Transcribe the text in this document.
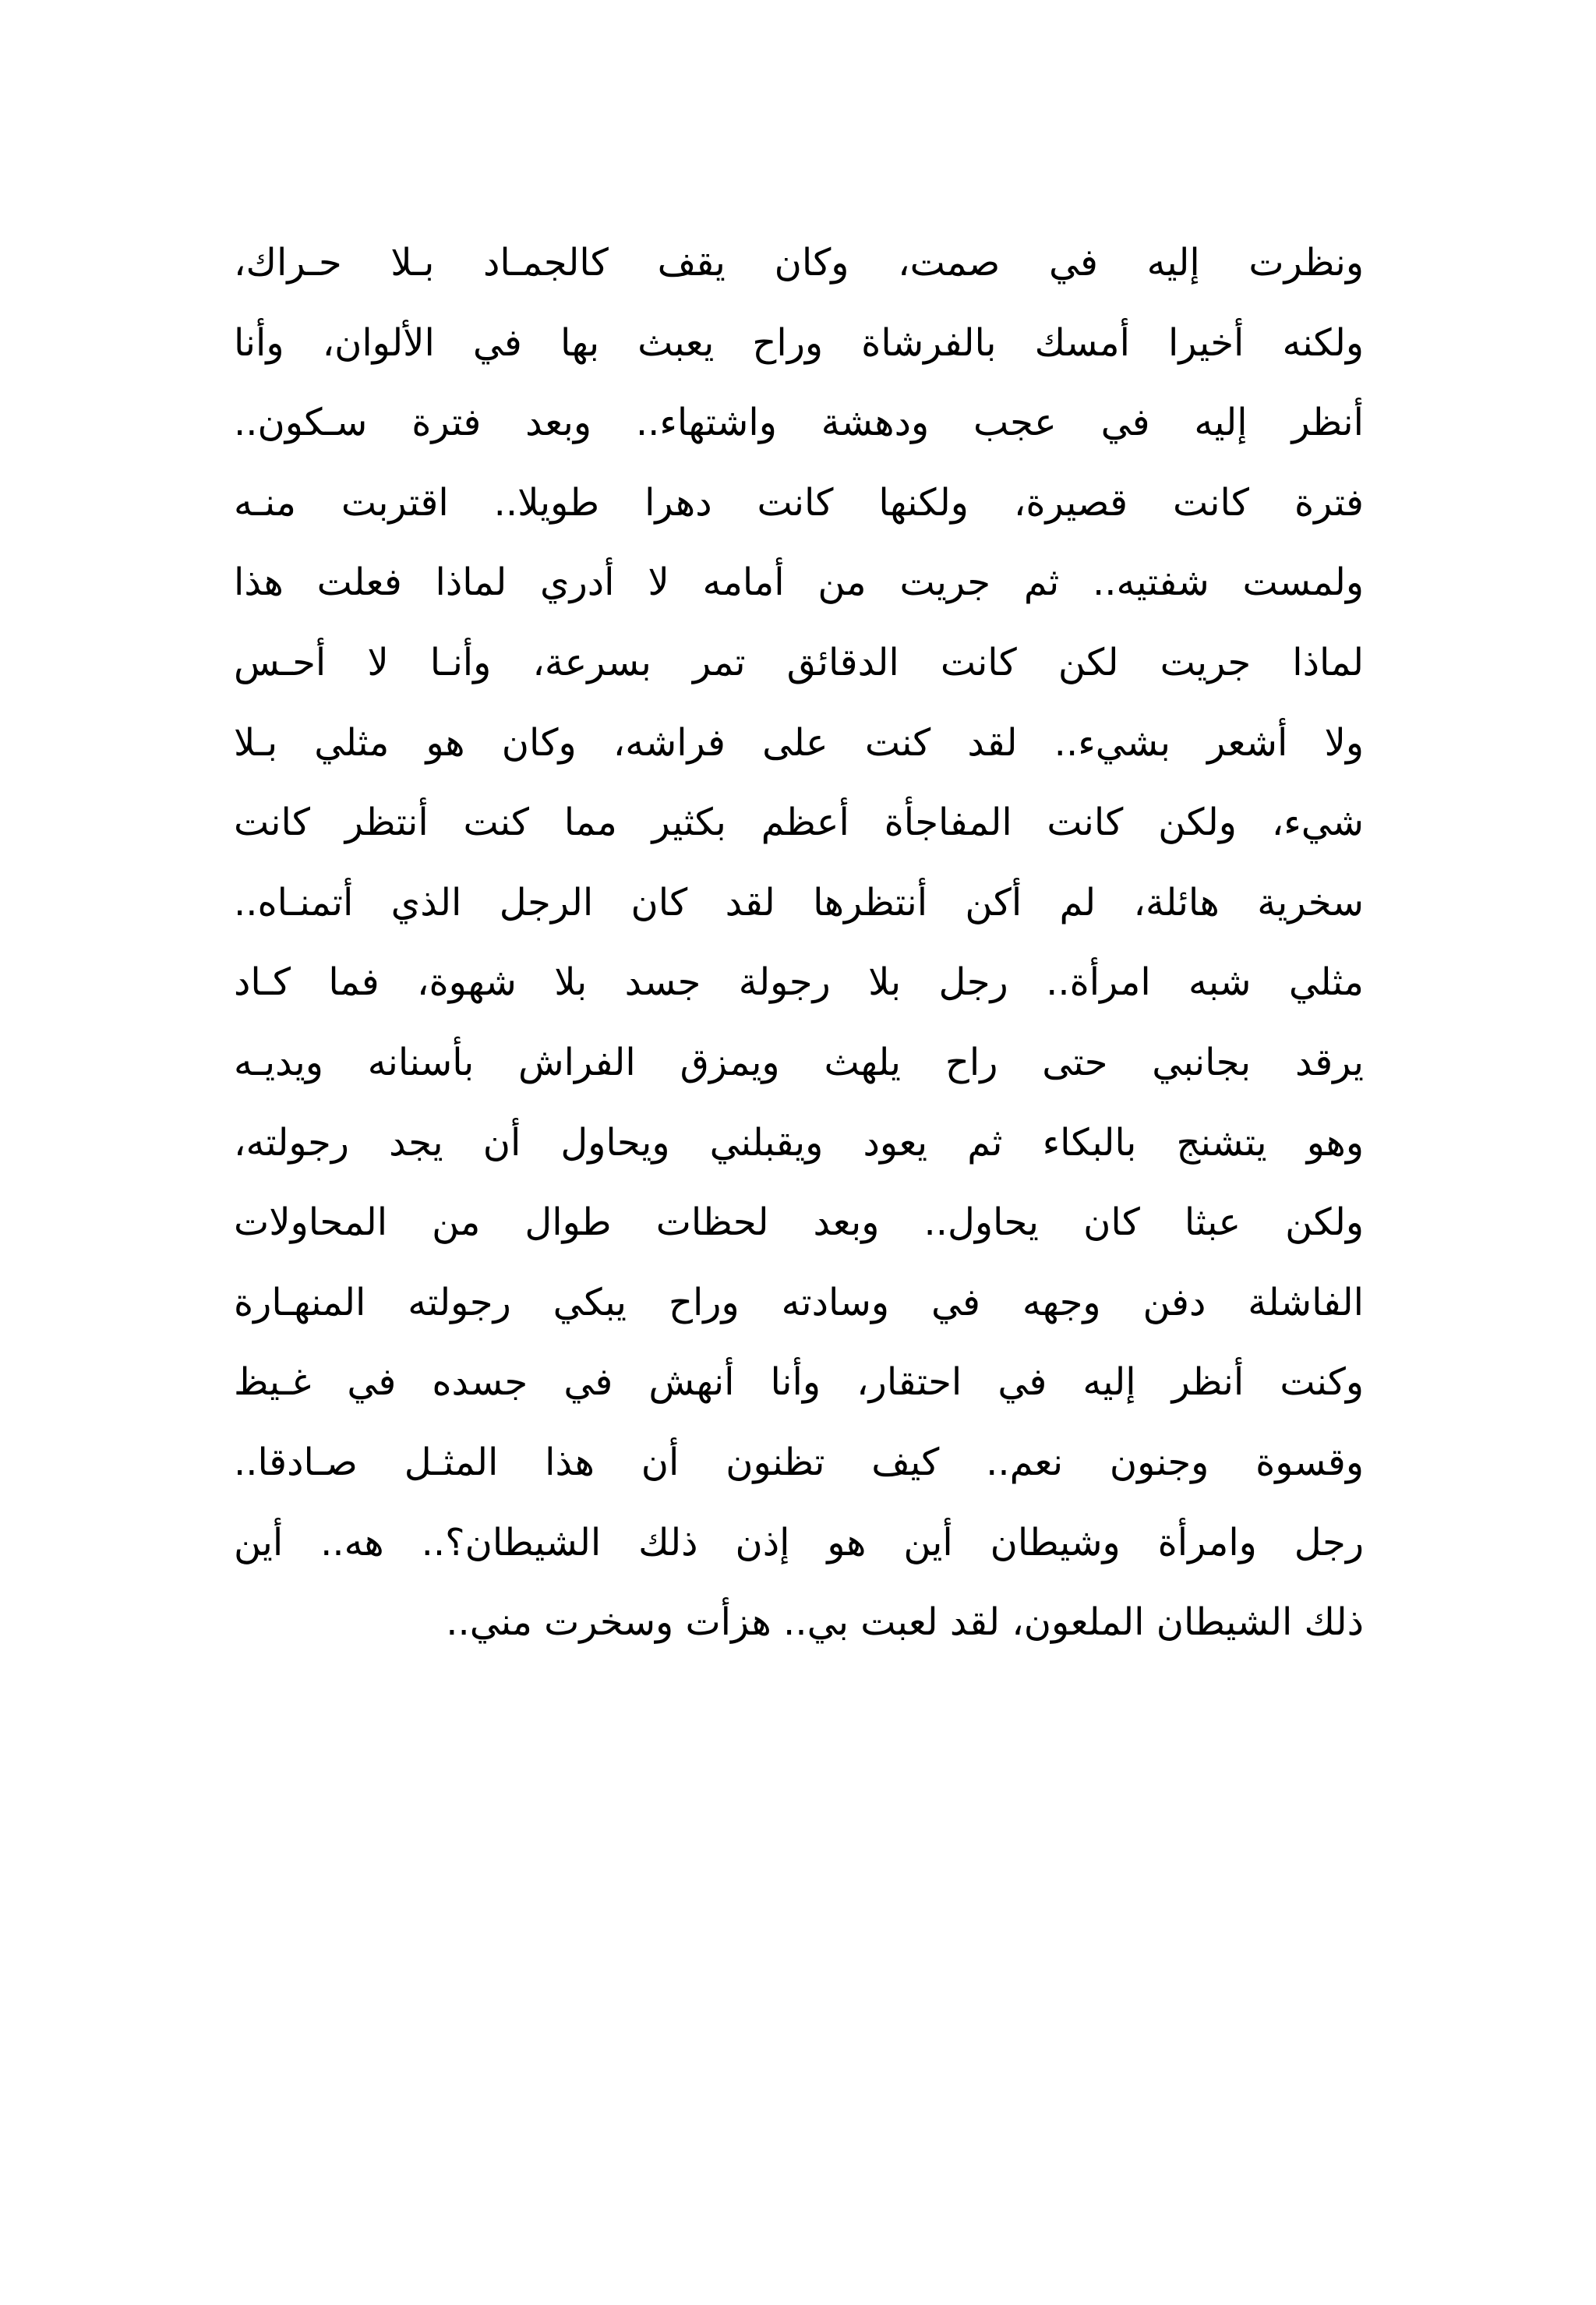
ونظرت إليه في صمت، وكان يقف كالجمـاد بـلا حـراك،
ولكنه أخيرا أمسك بالفرشاة وراح يعبث بها في الألوان، وأنا
أنظر إليه في عجب ودهشة واشتهاء.. وبعد فترة سـكون..
فترة كانت قصيرة، ولكنها كانت دهرا طويلا.. اقتربت منـه
ولمست شفتيه.. ثم جريت من أمامه لا أدري لماذا فعلت هذا
لماذا جريت لكن كانت الدقائق تمر بسرعة، وأنـا لا أحـس
ولا أشعر بشيء.. لقد كنت على فراشه، وكان هو مثلي بـلا
شيء، ولكن كانت المفاجأة أعظم بكثير مما كنت أنتظر كانت
سخرية هائلة، لم أكن أنتظرها لقد كان الرجل الذي أتمنـاه..
مثلي شبه امرأة.. رجل بلا رجولة جسد بلا شهوة، فما كـاد
يرقد بجانبي حتى راح يلهث ويمزق الفراش بأسنانه ويديـه
وهو يتشنج بالبكاء ثم يعود ويقبلني ويحاول أن يجد رجولته،
ولكن عبثا كان يحاول.. وبعد لحظات طوال من المحاولات
الفاشلة دفن وجهه في وسادته وراح يبكي رجولته المنهـارة
وكنت أنظر إليه في احتقار، وأنا أنهش في جسده في غـيظ
وقسوة وجنون نعم.. كيف تظنون أن هذا المثـل صـادقا..
رجل وامرأة وشيطان أين هو إذن ذلك الشيطان؟.. هه.. أين
ذلك الشيطان الملعون، لقد لعبت بي.. هزأت وسخرت مني..
